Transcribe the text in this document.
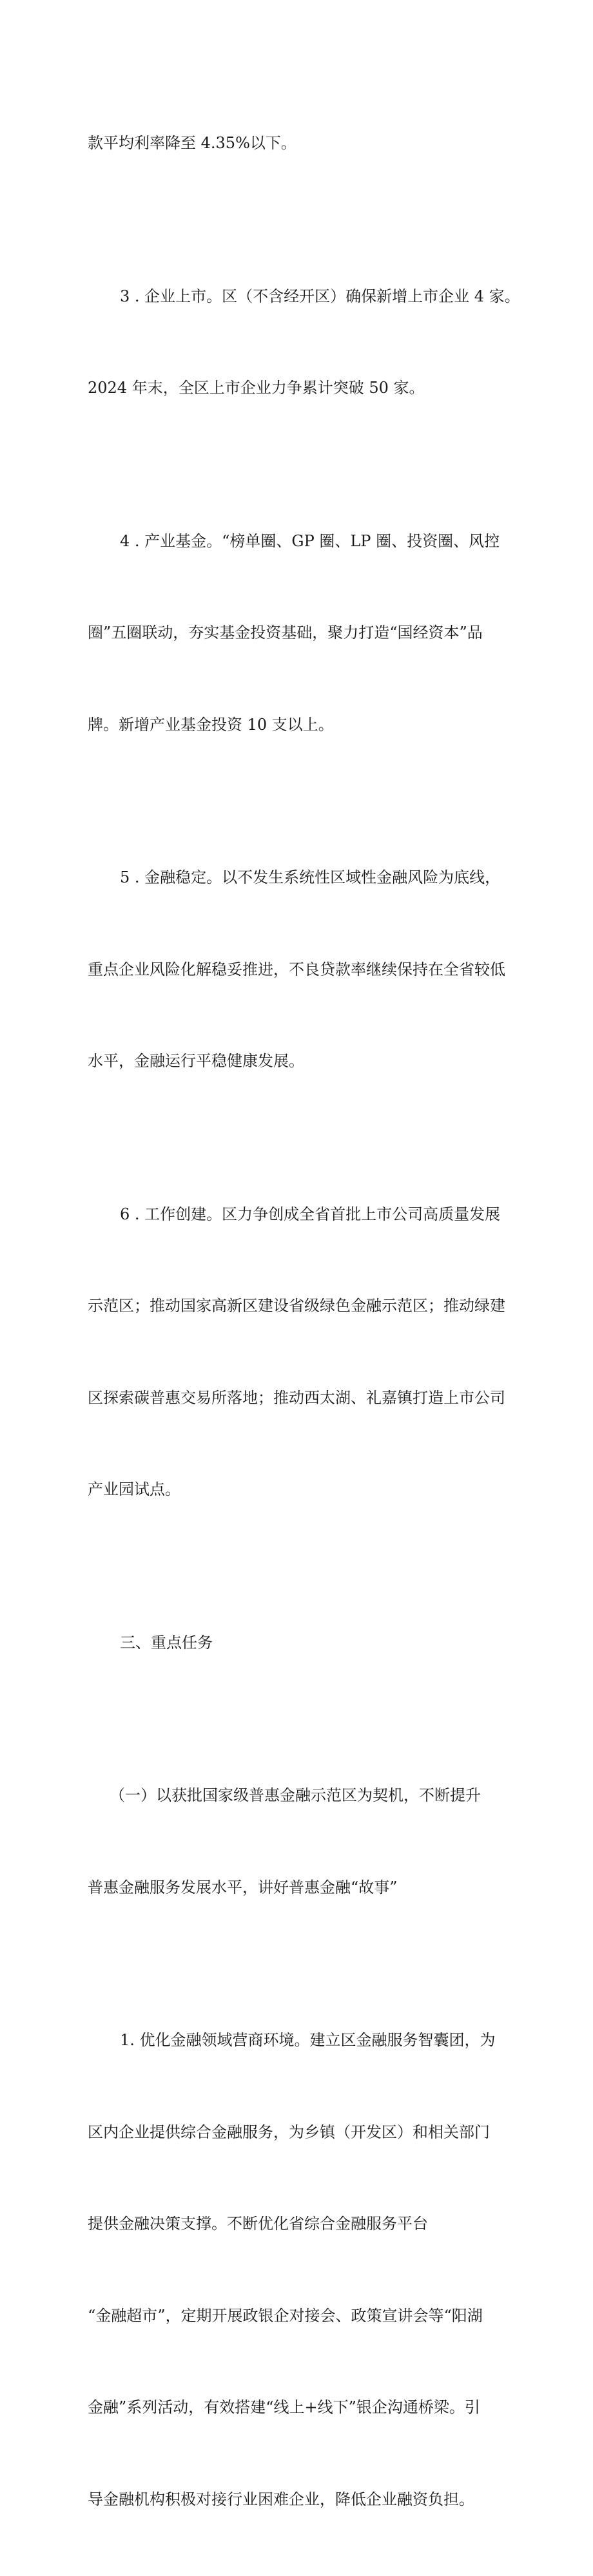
款平均利率降至 4.35%以下。

3 . 企业上市。区（不含经开区）确保新增上市企业 4 家。

2024 年末，全区上市企业力争累计突破 50 家。

4 . 产业基金。“榜单圈、GP 圈、LP 圈、投资圈、风控

圈”五圈联动，夯实基金投资基础，聚力打造“国经资本”品

牌。新增产业基金投资 10 支以上。

5 . 金融稳定。以不发生系统性区域性金融风险为底线，

重点企业风险化解稳妥推进，不良贷款率继续保持在全省较低

水平，金融运行平稳健康发展。

6 . 工作创建。区力争创成全省首批上市公司高质量发展

示范区；推动国家高新区建设省级绿色金融示范区；推动绿建

区探索碳普惠交易所落地；推动西太湖、礼嘉镇打造上市公司

产业园试点。

三、重点任务

（一）以获批国家级普惠金融示范区为契机，不断提升

普惠金融服务发展水平，讲好普惠金融“故事”

1. 优化金融领域营商环境。建立区金融服务智囊团，为

区内企业提供综合金融服务，为乡镇（开发区）和相关部门

提供金融决策支撑。不断优化省综合金融服务平台

“金融超市”，定期开展政银企对接会、政策宣讲会等“阳湖

金融”系列活动，有效搭建“线上+线下”银企沟通桥梁。引

导金融机构积极对接行业困难企业，降低企业融资负担。
